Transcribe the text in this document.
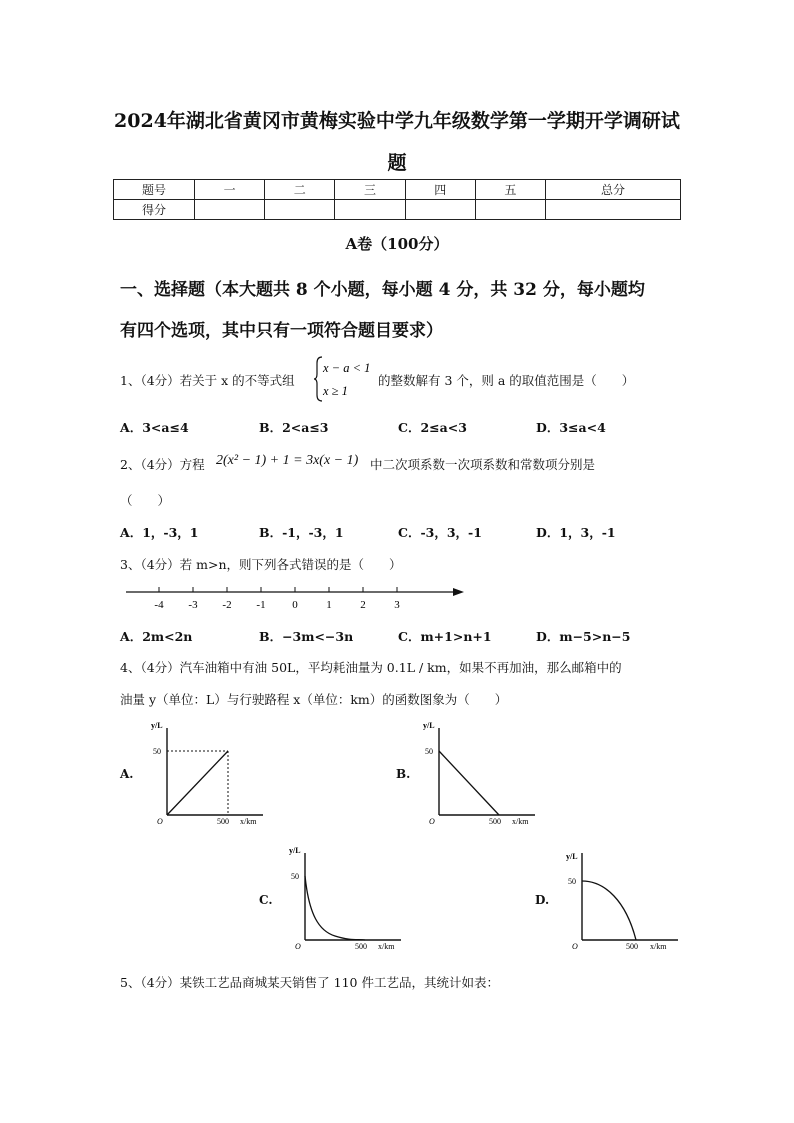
2024年湖北省黄冈市黄梅实验中学九年级数学第一学期开学调研试
题
题号	一	二	三	四	五	总分
得分						
A卷（100分）
一、选择题（本大题共 8 个小题，每小题 4 分，共 32 分，每小题均
有四个选项，其中只有一项符合题目要求）
1、（4分）若关于 x 的不等式组
x − a < 1
x ≥ 1
的整数解有 3 个，则 a 的取值范围是（　　）
A．3<a≤4	B．2<a≤3	C．2≤a<3	D．3≤a<4
2、（4分）方程 2(x² − 1) + 1 = 3x(x − 1) 中二次项系数一次项系数和常数项分别是
（　　）
A．1，-3，1	B．-1，-3，1	C．-3，3，-1	D．1，3，-1
3、（4分）若 m>n，则下列各式错误的是（　　）
-4 -3 -2 -1 0	1	2	3
A．2m<2n	B．−3m<−3n	C．m+1>n+1	D．m−5>n−5
4、（4分）汽车油箱中有油 50L，平均耗油量为 0.1L / km，如果不再加油，那么邮箱中的
油量 y（单位：L）与行驶路程 x（单位：km）的函数图象为（　　）
A.
y/L
50
O	500 x/km
B.
y/L
50
O	500 x/km
C.
y/L
50
O	500 x/km
D.
y/L
50
O	500 x/km
5、（4分）某铁工艺品商城某天销售了 110 件工艺品，其统计如表：
